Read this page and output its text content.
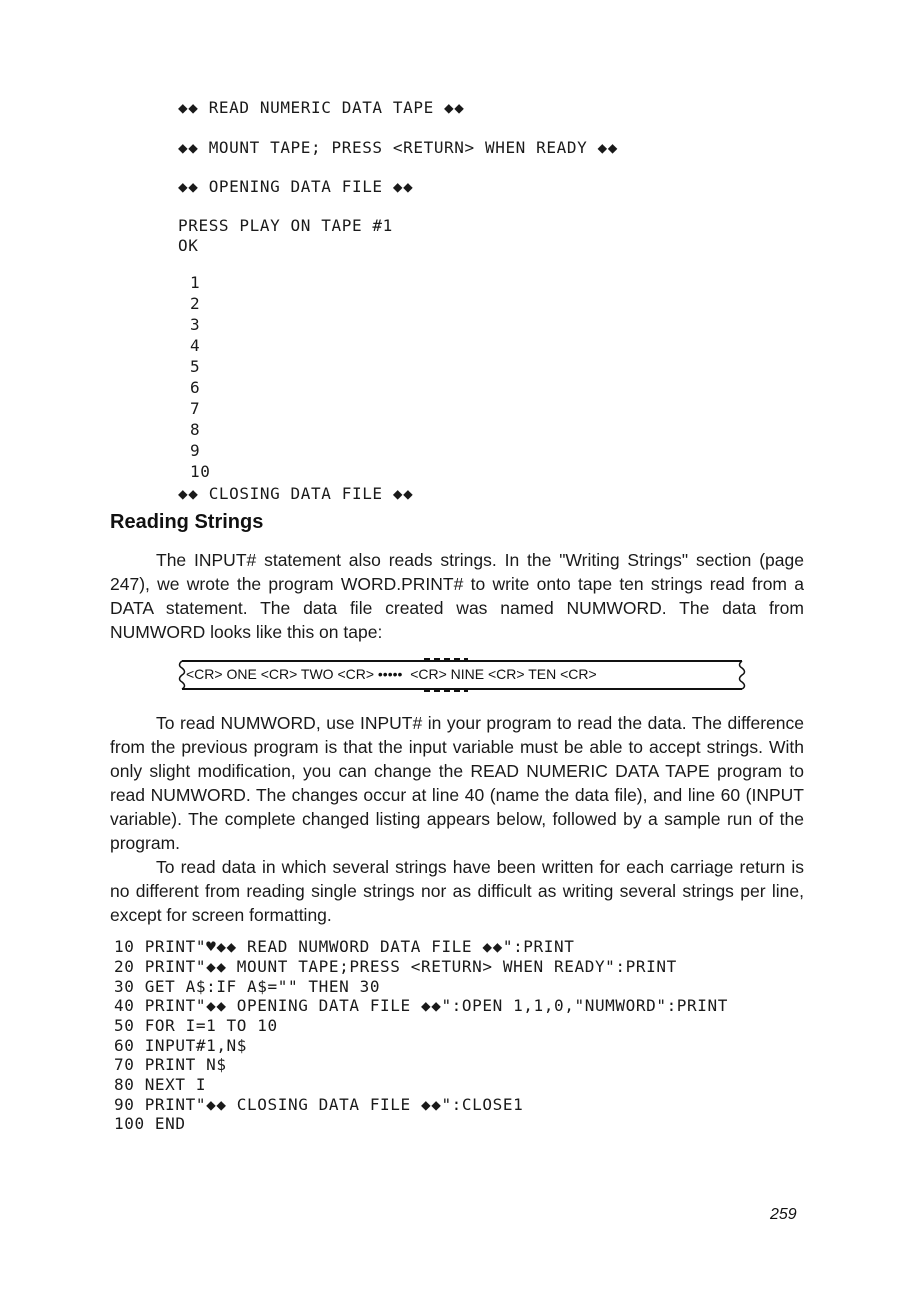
◆◆ READ NUMERIC DATA TAPE ◆◆
◆◆ MOUNT TAPE; PRESS <RETURN> WHEN READY ◆◆
◆◆ OPENING DATA FILE ◆◆
PRESS PLAY ON TAPE #1
OK
1
2
3
4
5
6
7
8
9
10
◆◆ CLOSING DATA FILE ◆◆
Reading Strings

The INPUT# statement also reads strings. In the "Writing Strings" section (page 247), we wrote the program WORD.PRINT# to write onto tape ten strings read from a DATA statement. The data file created was named NUMWORD. The data from NUMWORD looks like this on tape:

<CR> ONE <CR> TWO <CR> •••••  <CR> NINE <CR> TEN <CR>

To read NUMWORD, use INPUT# in your program to read the data. The difference from the previous program is that the input variable must be able to accept strings. With only slight modification, you can change the READ NUMERIC DATA TAPE program to read NUMWORD. The changes occur at line 40 (name the data file), and line 60 (INPUT variable). The complete changed listing appears below, followed by a sample run of the program.

To read data in which several strings have been written for each carriage return is no different from reading single strings nor as difficult as writing several strings per line, except for screen formatting.

10 PRINT"♥◆◆ READ NUMWORD DATA FILE ◆◆":PRINT
20 PRINT"◆◆ MOUNT TAPE;PRESS <RETURN> WHEN READY":PRINT
30 GET A$:IF A$="" THEN 30
40 PRINT"◆◆ OPENING DATA FILE ◆◆":OPEN 1,1,0,"NUMWORD":PRINT
50 FOR I=1 TO 10
60 INPUT#1,N$
70 PRINT N$
80 NEXT I
90 PRINT"◆◆ CLOSING DATA FILE ◆◆":CLOSE1
100 END
259
